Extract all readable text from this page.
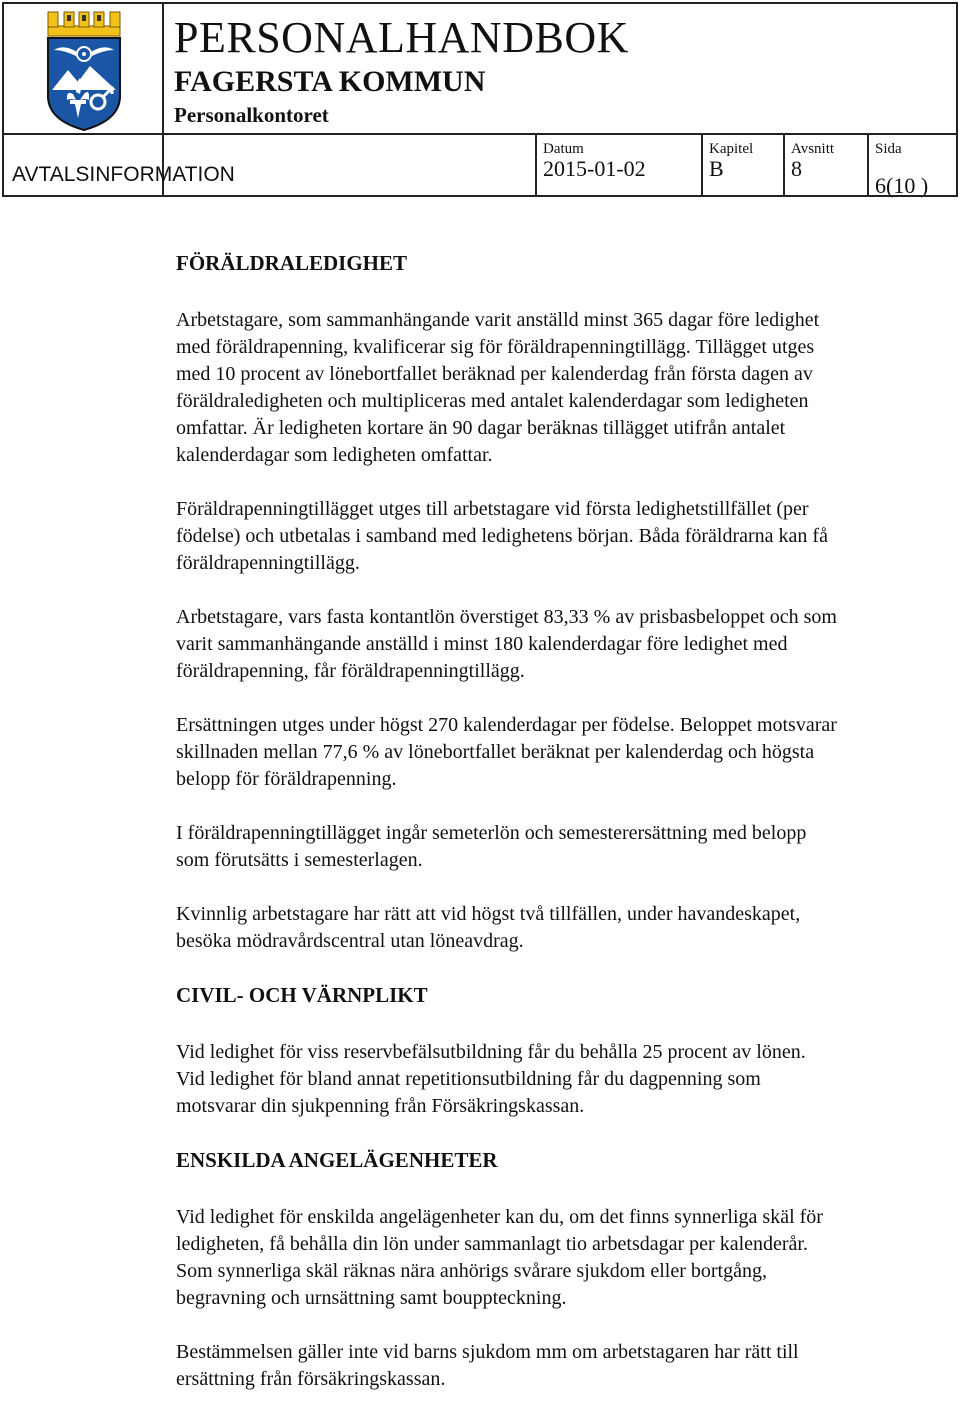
PERSONALHANDBOK
FAGERSTA KOMMUN
Personalkontoret
AVTALSINFORMATION
Datum
2015-01-02
Kapitel
B
Avsnitt
8
Sida
6(10 )
FÖRÄLDRALEDIGHET
Arbetstagare, som sammanhängande varit anställd minst 365 dagar före ledighet
med föräldrapenning, kvalificerar sig för föräldrapenningtillägg. Tillägget utges
med 10 procent av lönebortfallet beräknad per kalenderdag från första dagen av
föräldraledigheten och multipliceras med antalet kalenderdagar som ledigheten
omfattar. Är ledigheten kortare än 90 dagar beräknas tillägget utifrån antalet
kalenderdagar som ledigheten omfattar.
Föräldrapenningtillägget utges till arbetstagare vid första ledighetstillfället (per
födelse) och utbetalas i samband med ledighetens början. Båda föräldrarna kan få
föräldrapenningtillägg.
Arbetstagare, vars fasta kontantlön överstiget 83,33 % av prisbasbeloppet och som
varit sammanhängande anställd i minst 180 kalenderdagar före ledighet med
föräldrapenning, får föräldrapenningtillägg.
Ersättningen utges under högst 270 kalenderdagar per födelse. Beloppet motsvarar
skillnaden mellan 77,6 % av lönebortfallet beräknat per kalenderdag och högsta
belopp för föräldrapenning.
I föräldrapenningtillägget ingår semeterlön och semesterersättning med belopp
som förutsätts i semesterlagen.
Kvinnlig arbetstagare har rätt att vid högst två tillfällen, under havandeskapet,
besöka mödravårdscentral utan löneavdrag.
CIVIL- OCH VÄRNPLIKT
Vid ledighet för viss reservbefälsutbildning får du behålla 25 procent av lönen.
Vid ledighet för bland annat repetitionsutbildning får du dagpenning som
motsvarar din sjukpenning från Försäkringskassan.
ENSKILDA ANGELÄGENHETER
Vid ledighet för enskilda angelägenheter kan du, om det finns synnerliga skäl för
ledigheten, få behålla din lön under sammanlagt tio arbetsdagar per kalenderår.
Som synnerliga skäl räknas nära anhörigs svårare sjukdom eller bortgång,
begravning och urnsättning samt bouppteckning.
Bestämmelsen gäller inte vid barns sjukdom mm om arbetstagaren har rätt till
ersättning från försäkringskassan.
